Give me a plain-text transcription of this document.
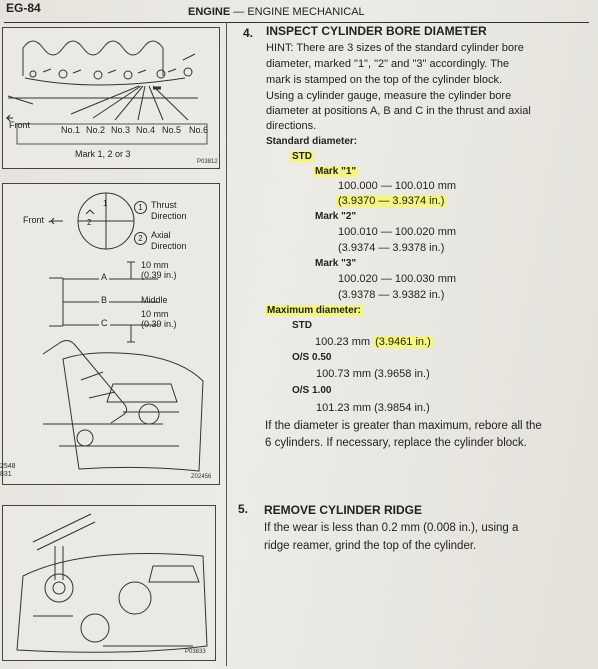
EG-84	ENGINE — ENGINE MECHANICAL
Front	No.1 No.2 No.3 No.4 No.5 No.6
Mark 1, 2 or 3
P03812
Front ←
1
2
1 Thrust
Direction
2 Axial
Direction
A
B
C
10 mm
(0.39 in.)
Middle
10 mm
(0.39 in.)
Z02456
2548
831
P03833
4. INSPECT CYLINDER BORE DIAMETER
HINT: There are 3 sizes of the standard cylinder bore
diameter, marked "1", "2" and "3" accordingly. The
mark is stamped on the top of the cylinder block.
Using a cylinder gauge, measure the cylinder bore
diameter at positions A, B and C in the thrust and axial
directions.
Standard diameter:
STD
Mark "1"
100.000 — 100.010 mm
(3.9370 — 3.9374 in.)
Mark "2"
100.010 — 100.020 mm
(3.9374 — 3.9378 in.)
Mark "3"
100.020 — 100.030 mm
(3.9378 — 3.9382 in.)
Maximum diameter:
STD
100.23 mm (3.9461 in.)
O/S 0.50
100.73 mm (3.9658 in.)
O/S 1.00
101.23 mm (3.9854 in.)
If the diameter is greater than maximum, rebore all the
6 cylinders. If necessary, replace the cylinder block.
5. REMOVE CYLINDER RIDGE
If the wear is less than 0.2 mm (0.008 in.), using a
ridge reamer, grind the top of the cylinder.
